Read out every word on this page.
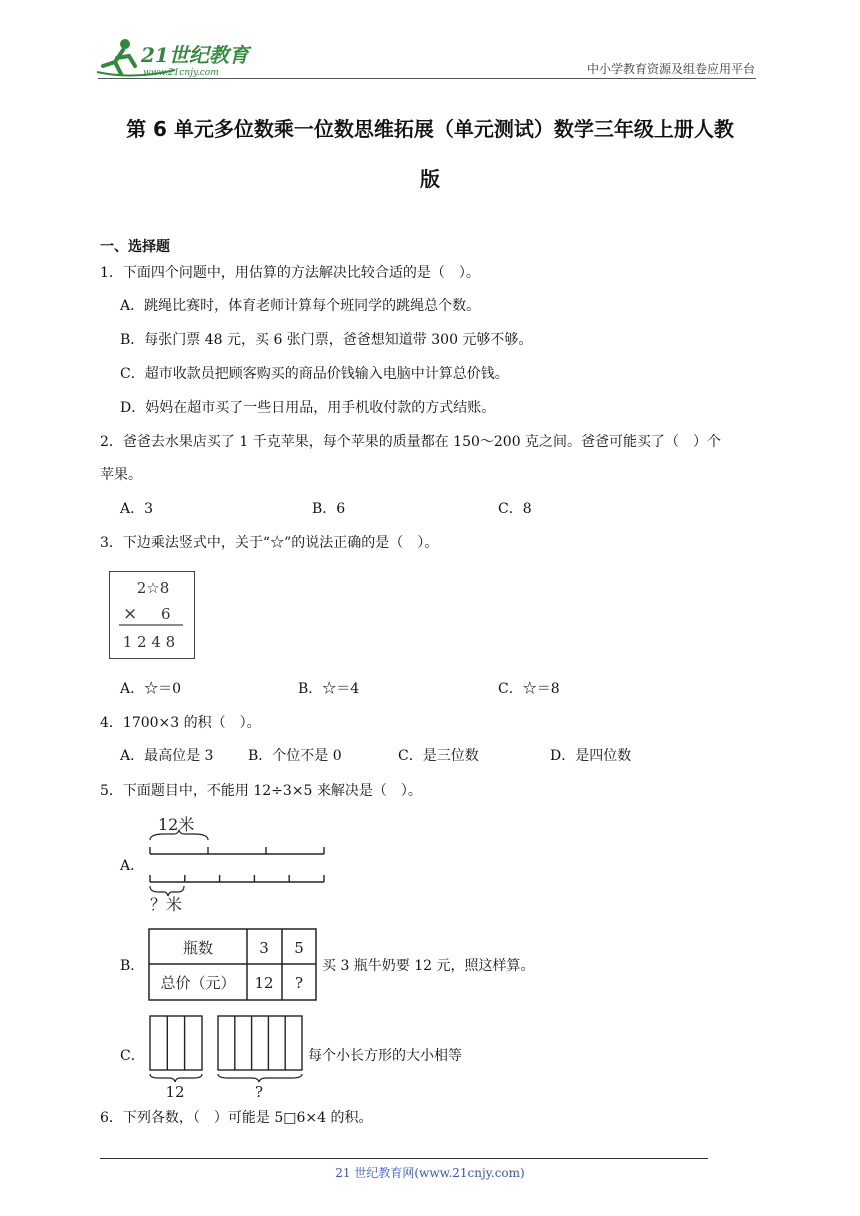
21世纪教育
www.21cnjy.com	中小学教育资源及组卷应用平台
第 6 单元多位数乘一位数思维拓展（单元测试）数学三年级上册人教
版
一、选择题
1．下面四个问题中，用估算的方法解决比较合适的是（　）。
A．跳绳比赛时，体育老师计算每个班同学的跳绳总个数。
B．每张门票 48 元，买 6 张门票，爸爸想知道带 300 元够不够。
C．超市收款员把顾客购买的商品价钱输入电脑中计算总价钱。
D．妈妈在超市买了一些日用品，用手机收付款的方式结账。
2．爸爸去水果店买了 1 千克苹果，每个苹果的质量都在 150～200 克之间。爸爸可能买了（　）个
苹果。
A．3	B．6	C．8
3．下边乘法竖式中，关于“☆”的说法正确的是（　）。
2☆8
× 6
1 2 4 8
A．☆＝0	B．☆＝4	C．☆＝8
4．1700×3 的积（　）。
A．最高位是 3 B．个位不是 0	C．是三位数	D．是四位数
5．下面题目中，不能用 12÷3×5 来解决是（　）。
A．
12米
？米
B．
瓶数	3 5
总价（元） 12 ?
买 3 瓶牛奶要 12 元，照这样算。
C．
12	?
每个小长方形的大小相等
6．下列各数，（　）可能是 5□6×4 的积。
21 世纪教育网(www.21cnjy.com)
